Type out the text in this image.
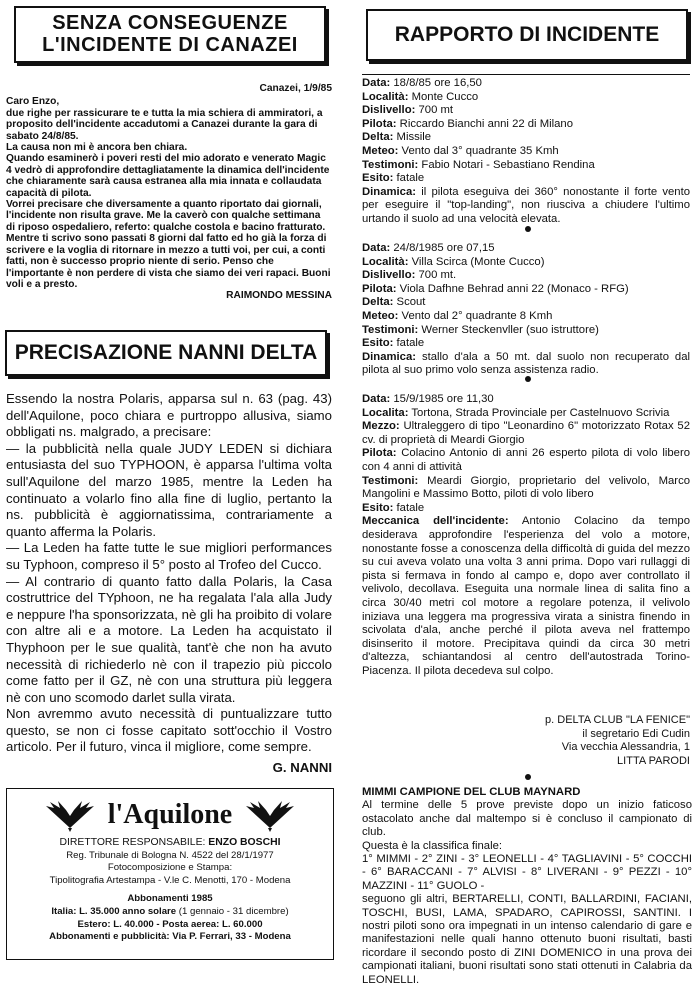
SENZA CONSEGUENZE
L'INCIDENTE DI CANAZEI

Canazei, 1/9/85

Caro Enzo,

due righe per rassicurare te e tutta la mia schiera di ammiratori, a proposito dell'incidente accadutomi a Canazei durante la gara di sabato 24/8/85.

La causa non mi è ancora ben chiara.

Quando esaminerò i poveri resti del mio adorato e venerato Magic 4 vedrò di approfondire dettagliatamente la dinamica dell'incidente che chiaramente sarà causa estranea alla mia innata e collaudata capacità di pilota.

Vorrei precisare che diversamente a quanto riportato dai giornali, l'incidente non risulta grave. Me la caverò con qualche settimana di riposo ospedaliero, referto: qualche costola e bacino fratturato. Mentre ti scrivo sono passati 8 giorni dal fatto ed ho già la forza di scrivere e la voglia di ritornare in mezzo a tutti voi, per cui, a conti fatti, non è successo proprio niente di serio. Penso che l'importante è non perdere di vista che siamo dei veri rapaci. Buoni voli e a presto.

RAIMONDO MESSINA

PRECISAZIONE NANNI DELTA

Essendo la nostra Polaris, apparsa sul n. 63 (pag. 43) dell'Aquilone, poco chiara e purtroppo allusiva, siamo obbligati ns. malgrado, a precisare:

— la pubblicità nella quale JUDY LEDEN si dichiara entusiasta del suo TYPHOON, è apparsa l'ultima volta sull'Aquilone del marzo 1985, mentre la Leden ha continuato a volarlo fino alla fine di luglio, pertanto la ns. pubblicità è aggiornatissima, contrariamente a quanto afferma la Polaris.

— La Leden ha fatte tutte le sue migliori performances su Typhoon, compreso il 5° posto al Trofeo del Cucco.

— Al contrario di quanto fatto dalla Polaris, la Casa costruttrice del TYphoon, ne ha regalata l'ala alla Judy e neppure l'ha sponsorizzata, nè gli ha proibito di volare con altre ali e a motore. La Leden ha acquistato il Thyphoon per le sue qualità, tant'è che non ha avuto necessità di richiederlo nè con il trapezio più piccolo come fatto per il GZ, nè con una struttura più leggera nè con uno scomodo darlet sulla virata.

Non avremmo avuto necessità di puntualizzare tutto questo, se non ci fosse capitato sott'occhio il Vostro articolo. Per il futuro, vinca il migliore, come sempre.

G. NANNI

l'Aquilone
DIRETTORE RESPONSABILE: ENZO BOSCHI
Reg. Tribunale di Bologna N. 4522 del 28/1/1977
Fotocomposizione e Stampa:
Tipolitografia Artestampa - V.le C. Menotti, 170 - Modena
Abbonamenti 1985
Italia: L. 35.000 anno solare (1 gennaio - 31 dicembre)
Estero: L. 40.000 - Posta aerea: L. 60.000
Abbonamenti e pubblicità: Via P. Ferrari, 33 - Modena
RAPPORTO DI INCIDENTE

Data: 18/8/85 ore 16,50

Località: Monte Cucco

Dislivello: 700 mt

Pilota: Riccardo Bianchi anni 22 di Milano

Delta: Missile

Meteo: Vento dal 3° quadrante 35 Kmh

Testimoni: Fabio Notari - Sebastiano Rendina

Esito: fatale

Dinamica: il pilota eseguiva dei 360° nonostante il forte vento per eseguire il "top-landing", non riusciva a chiudere l'ultimo urtando il suolo ad una velocità elevata.

Data: 24/8/1985 ore 07,15

Località: Villa Scirca (Monte Cucco)

Dislivello: 700 mt.

Pilota: Viola Dafhne Behrad anni 22 (Monaco - RFG)

Delta: Scout

Meteo: Vento dal 2° quadrante 8 Kmh

Testimoni: Werner Steckenvller (suo istruttore)

Esito: fatale

Dinamica: stallo d'ala a 50 mt. dal suolo non recuperato dal pilota al suo primo volo senza assistenza radio.

Data: 15/9/1985 ore 11,30

Localita: Tortona, Strada Provinciale per Castelnuovo Scrivia

Mezzo: Ultraleggero di tipo "Leonardino 6" motorizzato Rotax 52 cv. di proprietà di Meardi Giorgio

Pilota: Colacino Antonio di anni 26 esperto pilota di volo libero con 4 anni di attività

Testimoni: Meardi Giorgio, proprietario del velivolo, Marco Mangolini e Massimo Botto, piloti di volo libero

Esito: fatale

Meccanica dell'incidente: Antonio Colacino da tempo desiderava approfondire l'esperienza del volo a motore, nonostante fosse a conoscenza della difficoltà di guida del mezzo su cui aveva volato una volta 3 anni prima. Dopo vari rullaggi di pista si fermava in fondo al campo e, dopo aver controllato il velivolo, decollava. Eseguita una normale linea di salita fino a circa 30/40 metri col motore a regolare potenza, il velivolo iniziava una leggera ma progressiva virata a sinistra finendo in scivolata d'ala, anche perché il pilota aveva nel frattempo disinserito il motore. Precipitava quindi da circa 30 metri d'altezza, schiantandosi al centro dell'autostrada Torino-Piacenza. Il pilota decedeva sul colpo.

p. DELTA CLUB "LA FENICE"
il segretario Edi Cudin
Via vecchia Alessandria, 1
LITTA PARODI

MIMMI CAMPIONE DEL CLUB MAYNARD

Al termine delle 5 prove previste dopo un inizio faticoso ostacolato anche dal maltempo si è concluso il campionato di club.

Questa è la classifica finale:

1° MIMMI - 2° ZINI - 3° LEONELLI - 4° TAGLIAVINI - 5° COCCHI - 6° BARACCANI - 7° ALVISI - 8° LIVERANI - 9° PEZZI - 10° MAZZINI - 11° GUOLO -

seguono gli altri, BERTARELLI, CONTI, BALLARDINI, FACIANI, TOSCHI, BUSI, LAMA, SPADARO, CAPIROSSI, SANTINI. I nostri piloti sono ora impegnati in un intenso calendario di gare e manifestazioni nelle quali hanno ottenuto buoni risultati, basti ricordare il secondo posto di ZINI DOMENICO in una prova dei campionati italiani, buoni risultati sono stati ottenuti in Calabria da LEONELLI.
